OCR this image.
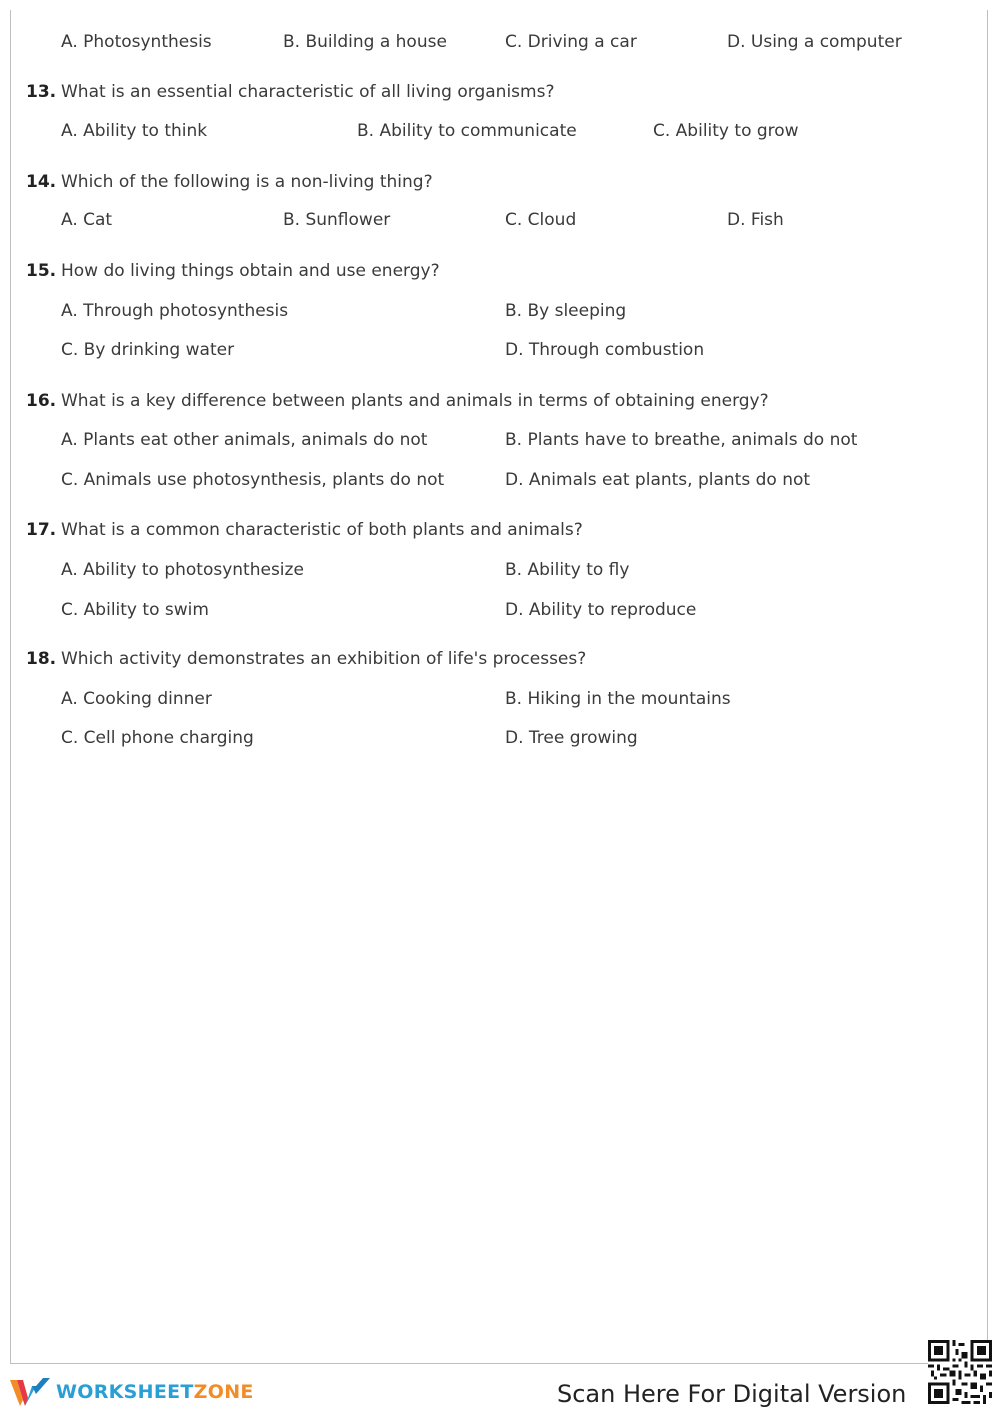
A. Photosynthesis	B. Building a house	C. Driving a car	D. Using a computer
13. What is an essential characteristic of all living organisms?
A. Ability to think	B. Ability to communicate	C. Ability to grow
14. Which of the following is a non-living thing?
A. Cat	B. Sunflower	C. Cloud	D. Fish
15. How do living things obtain and use energy?
A. Through photosynthesis	B. By sleeping
C. By drinking water	D. Through combustion
16. What is a key difference between plants and animals in terms of obtaining energy?
A. Plants eat other animals, animals do not	B. Plants have to breathe, animals do not
C. Animals use photosynthesis, plants do not	D. Animals eat plants, plants do not
17. What is a common characteristic of both plants and animals?
A. Ability to photosynthesize	B. Ability to fly
C. Ability to swim	D. Ability to reproduce
18. Which activity demonstrates an exhibition of life's processes?
A. Cooking dinner	B. Hiking in the mountains
C. Cell phone charging	D. Tree growing
WORKSHEETZONE	Scan Here For Digital Version
